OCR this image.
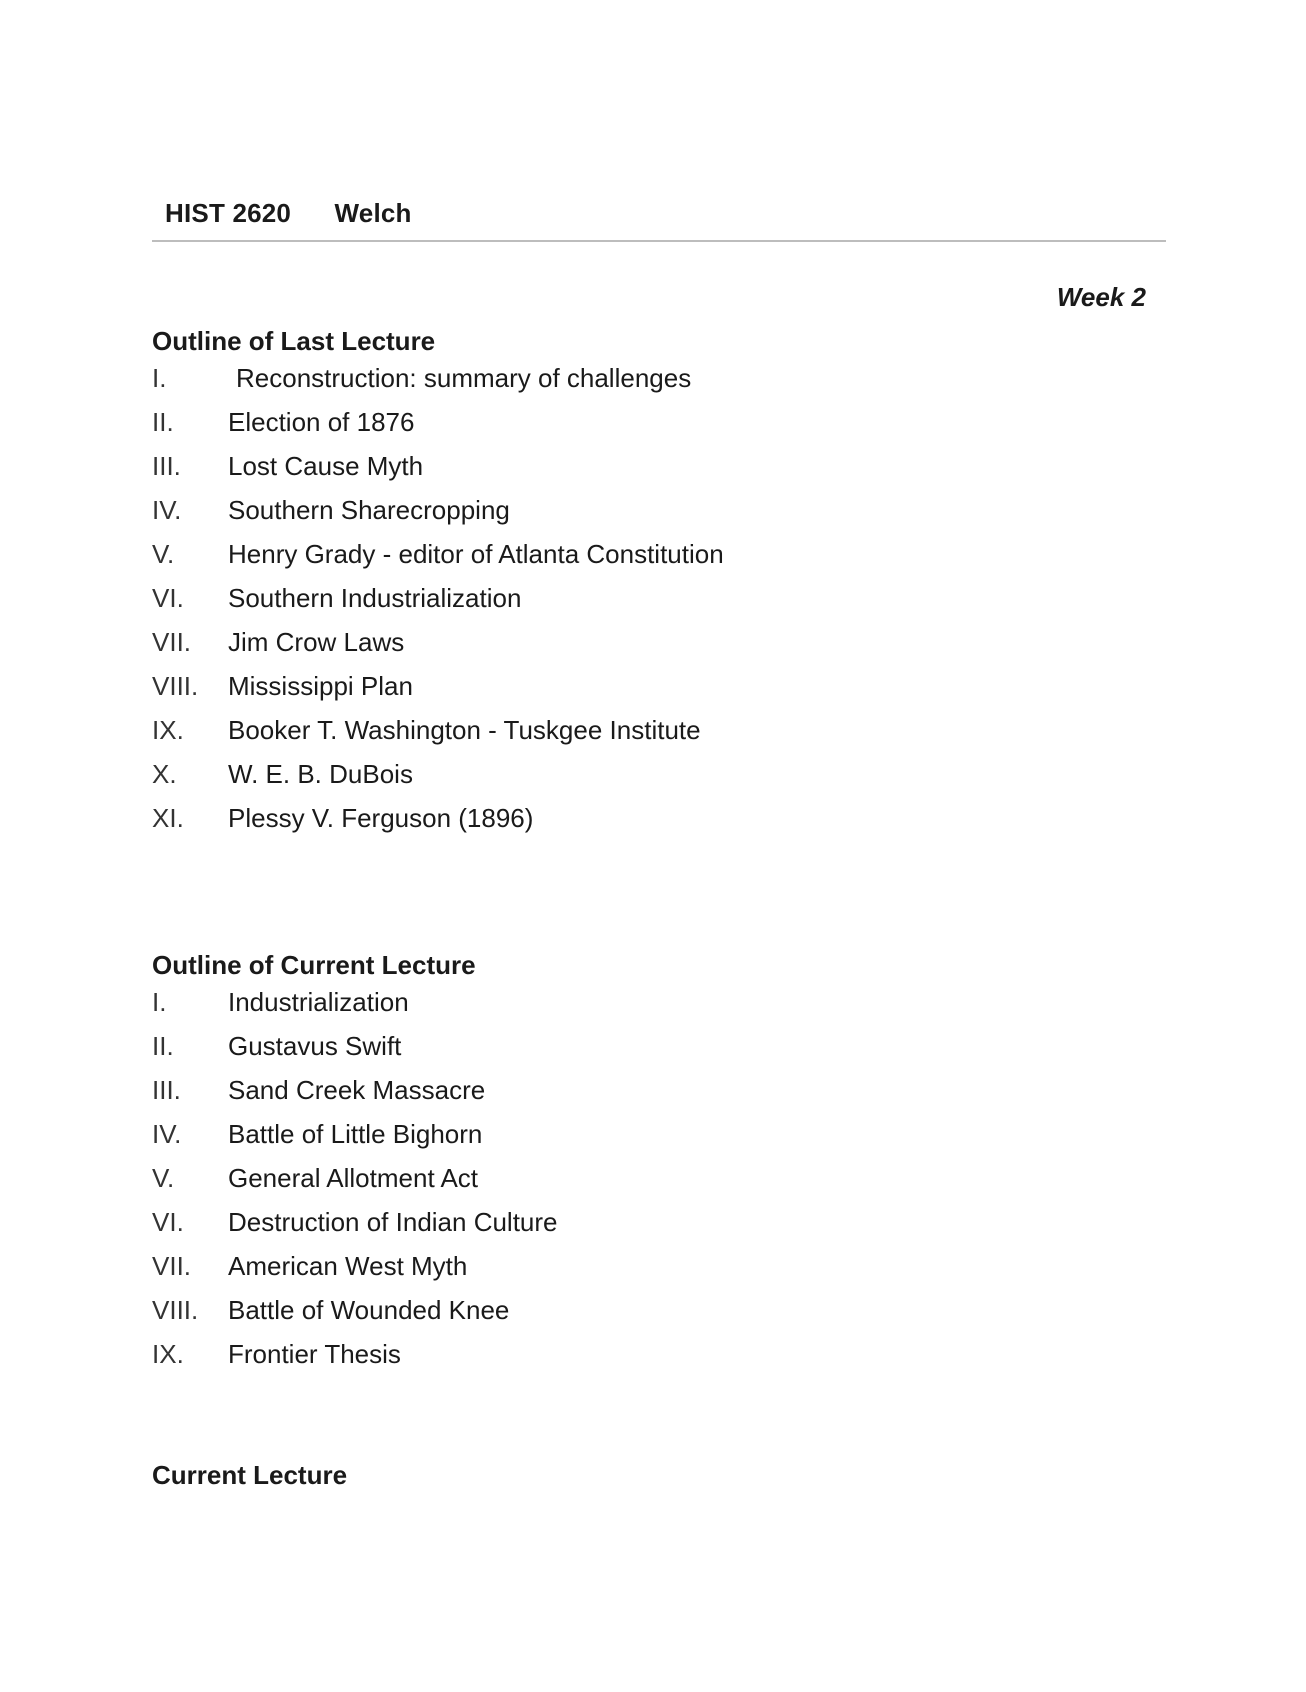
HIST 2620 Welch
Week 2
Outline of Last Lecture
I.	Reconstruction: summary of challenges
II.	Election of 1876
III.	Lost Cause Myth
IV.	Southern Sharecropping
V.	Henry Grady - editor of Atlanta Constitution
VI.	Southern Industrialization
VII.	Jim Crow Laws
VIII.	Mississippi Plan
IX.	Booker T. Washington - Tuskgee Institute
X.	W. E. B. DuBois
XI.	Plessy V. Ferguson (1896)
Outline of Current Lecture
I.	Industrialization
II.	Gustavus Swift
III.	Sand Creek Massacre
IV.	Battle of Little Bighorn
V.	General Allotment Act
VI.	Destruction of Indian Culture
VII.	American West Myth
VIII.	Battle of Wounded Knee
IX.	Frontier Thesis
Current Lecture
